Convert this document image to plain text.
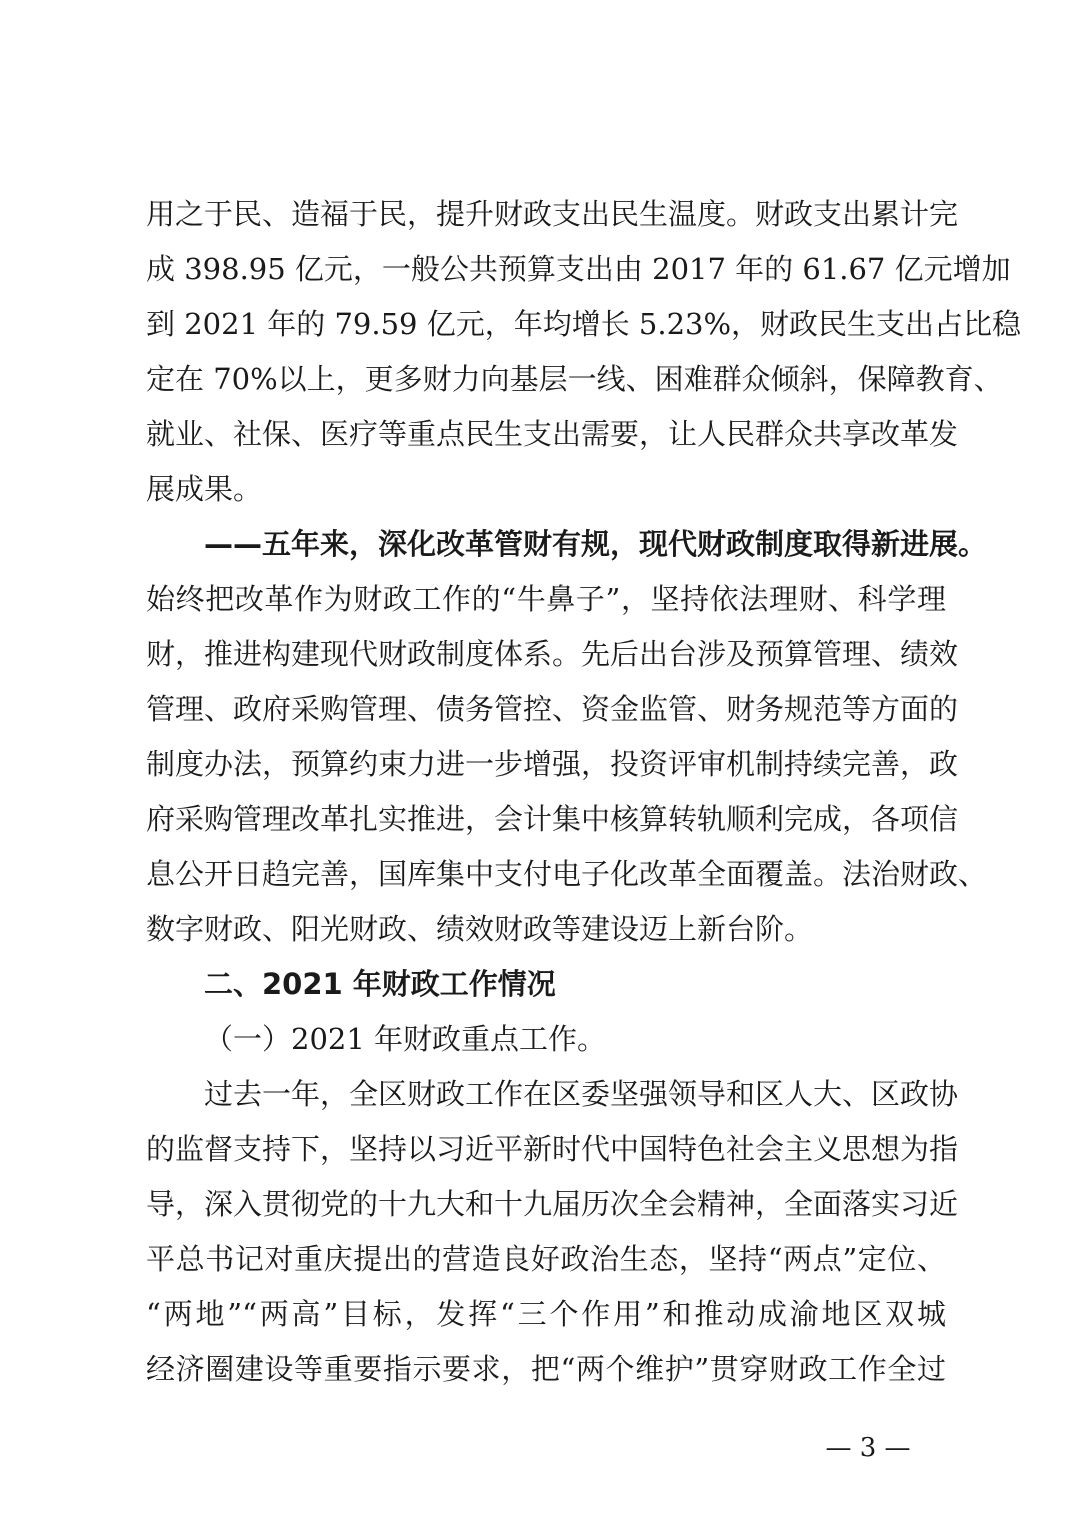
用之于民、造福于民，提升财政支出民生温度。财政支出累计完
成 398.95 亿元，一般公共预算支出由 2017 年的 61.67 亿元增加
到 2021 年的 79.59 亿元，年均增长 5.23%，财政民生支出占比稳
定在 70%以上，更多财力向基层一线、困难群众倾斜，保障教育、
就业、社保、医疗等重点民生支出需要，让人民群众共享改革发
展成果。
——五年来，深化改革管财有规，现代财政制度取得新进展。
始终把改革作为财政工作的“牛鼻子”，坚持依法理财、科学理
财，推进构建现代财政制度体系。先后出台涉及预算管理、绩效
管理、政府采购管理、债务管控、资金监管、财务规范等方面的
制度办法，预算约束力进一步增强，投资评审机制持续完善，政
府采购管理改革扎实推进，会计集中核算转轨顺利完成，各项信
息公开日趋完善，国库集中支付电子化改革全面覆盖。法治财政、
数字财政、阳光财政、绩效财政等建设迈上新台阶。
二、2021 年财政工作情况
（一）2021 年财政重点工作。
过去一年，全区财政工作在区委坚强领导和区人大、区政协
的监督支持下，坚持以习近平新时代中国特色社会主义思想为指
导，深入贯彻党的十九大和十九届历次全会精神，全面落实习近
平总书记对重庆提出的营造良好政治生态，坚持“两点”定位、
“两地”“两高”目标，发挥“三个作用”和推动成渝地区双城
经济圈建设等重要指示要求，把“两个维护”贯穿财政工作全过
— 3 —
